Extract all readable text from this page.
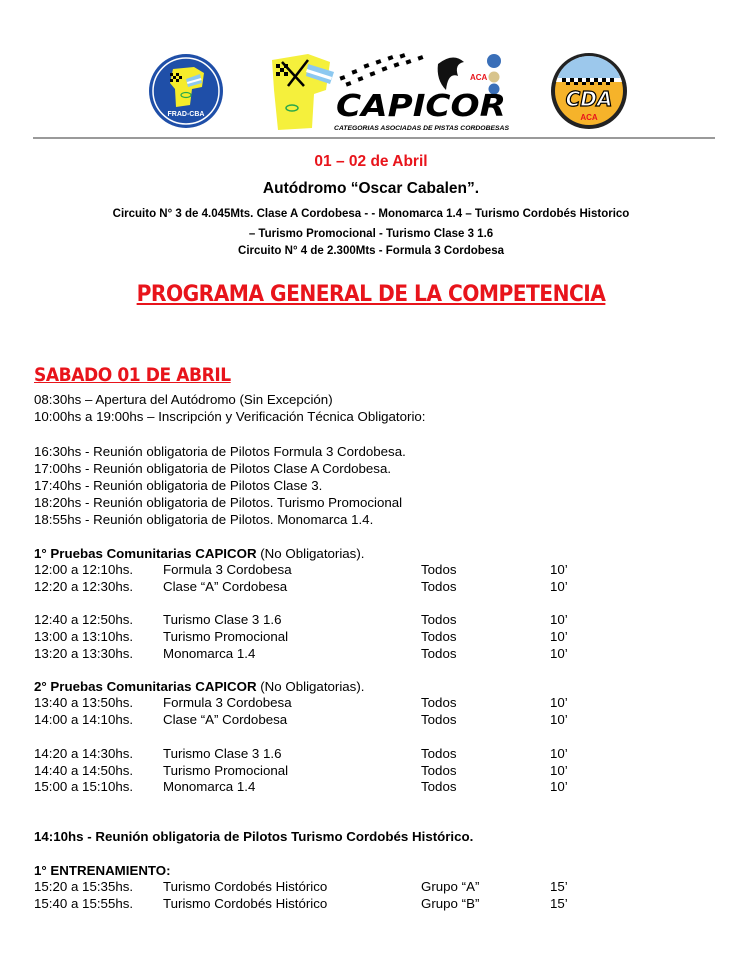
FRAD-CBA
ACA
CAPICOR
CATEGORIAS ASOCIADAS DE PISTAS CORDOBESAS
CDA
ACA
01 – 02 de Abril
Autódromo “Oscar Cabalen”.
Circuito N° 3 de 4.045Mts. Clase A Cordobesa - - Monomarca 1.4 – Turismo Cordobés Historico
– Turismo Promocional - Turismo Clase 3 1.6
Circuito N° 4 de 2.300Mts - Formula 3 Cordobesa
PROGRAMA GENERAL DE LA COMPETENCIA
SABADO 01 DE ABRIL
08:30hs – Apertura del Autódromo (Sin Excepción)
10:00hs a 19:00hs – Inscripción y Verificación Técnica Obligatorio:
16:30hs - Reunión obligatoria de Pilotos Formula 3 Cordobesa.
17:00hs - Reunión obligatoria de Pilotos Clase A Cordobesa.
17:40hs - Reunión obligatoria de Pilotos Clase 3.
18:20hs - Reunión obligatoria de Pilotos. Turismo Promocional
18:55hs - Reunión obligatoria de Pilotos. Monomarca 1.4.
1° Pruebas Comunitarias CAPICOR (No Obligatorias).
12:00 a 12:10hs. Formula 3 Cordobesa	Todos	10’
12:20 a 12:30hs. Clase “A” Cordobesa	Todos	10’
12:40 a 12:50hs. Turismo Clase 3 1.6	Todos	10’
13:00 a 13:10hs. Turismo Promocional	Todos	10’
13:20 a 13:30hs. Monomarca 1.4	Todos	10’
2° Pruebas Comunitarias CAPICOR (No Obligatorias).
13:40 a 13:50hs. Formula 3 Cordobesa	Todos	10’
14:00 a 14:10hs. Clase “A” Cordobesa	Todos	10’
14:20 a 14:30hs. Turismo Clase 3 1.6	Todos	10’
14:40 a 14:50hs. Turismo Promocional	Todos	10’
15:00 a 15:10hs. Monomarca 1.4	Todos	10’
14:10hs - Reunión obligatoria de Pilotos Turismo Cordobés Histórico.
1° ENTRENAMIENTO:
15:20 a 15:35hs. Turismo Cordobés Histórico	Grupo “A”	15’
15:40 a 15:55hs. Turismo Cordobés Histórico	Grupo “B”	15’
